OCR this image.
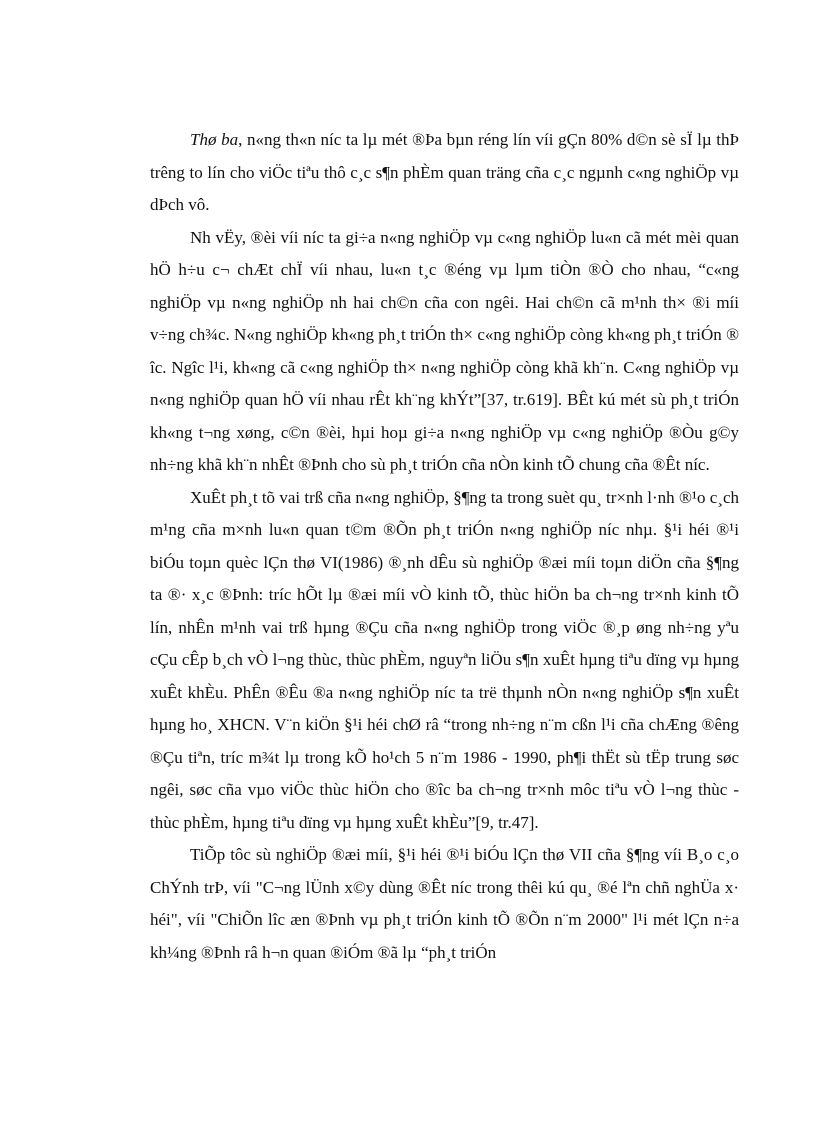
Thø ba, n«ng th«n níc ta lµ mét ®Þa bµn réng lín víi gÇn 80% d©n sè sÏ lµ thÞ trêng to lín cho viÖc tiªu thô c¸c s¶n phÈm quan träng cña c¸c ngµnh c«ng nghiÖp vµ dÞch vô.

Nh vËy, ®èi víi níc ta gi÷a n«ng nghiÖp vµ c«ng nghiÖp lu«n cã mét mèi quan hÖ h÷u c¬ chÆt chÏ víi nhau, lu«n t¸c ®éng vµ lµm tiÒn ®Ò cho nhau, “c«ng nghiÖp vµ n«ng nghiÖp nh hai ch©n cña con ngêi. Hai ch©n cã m¹nh th× ®i míi v÷ng ch¾c. N«ng nghiÖp kh«ng ph¸t triÓn th× c«ng nghiÖp còng kh«ng ph¸t triÓn ® îc. Ngîc l¹i, kh«ng cã c«ng nghiÖp th× n«ng nghiÖp còng khã kh¨n. C«ng nghiÖp vµ n«ng nghiÖp quan hÖ víi nhau rÊt kh¨ng khÝt”[37, tr.619]. BÊt kú mét sù ph¸t triÓn kh«ng t¬ng xøng, c©n ®èi, hµi hoµ gi÷a n«ng nghiÖp vµ c«ng nghiÖp ®Òu g©y nh÷ng khã kh¨n nhÊt ®Þnh cho sù ph¸t triÓn cña nÒn kinh tÕ chung cña ®Êt níc.

XuÊt ph¸t tõ vai trß cña n«ng nghiÖp, §¶ng ta trong suèt qu¸ tr×nh l·nh ®¹o c¸ch m¹ng cña m×nh lu«n quan t©m ®Õn ph¸t triÓn n«ng nghiÖp níc nhµ. §¹i héi ®¹i biÓu toµn quèc lÇn thø VI(1986) ®¸nh dÊu sù nghiÖp ®æi míi toµn diÖn cña §¶ng ta ®· x¸c ®Þnh: tríc hÕt lµ ®æi míi vÒ kinh tÕ, thùc hiÖn ba ch¬ng tr×nh kinh tÕ lín, nhÊn m¹nh vai trß hµng ®Çu cña n«ng nghiÖp trong viÖc ®¸p øng nh÷ng yªu cÇu cÊp b¸ch vÒ l¬ng thùc, thùc phÈm, nguyªn liÖu s¶n xuÊt hµng tiªu dïng vµ hµng xuÊt khÈu. PhÊn ®Êu ®a n«ng nghiÖp níc ta trë thµnh nÒn n«ng nghiÖp s¶n xuÊt hµng ho¸ XHCN. V¨n kiÖn §¹i héi chØ râ “trong nh÷ng n¨m cßn l¹i cña chÆng ®êng ®Çu tiªn, tríc m¾t lµ trong kÕ ho¹ch 5 n¨m 1986 - 1990, ph¶i thËt sù tËp trung søc ngêi, søc cña vµo viÖc thùc hiÖn cho ®îc ba ch¬ng tr×nh môc tiªu vÒ l¬ng thùc - thùc phÈm, hµng tiªu dïng vµ hµng xuÊt khÈu”[9, tr.47].

TiÕp tôc sù nghiÖp ®æi míi, §¹i héi ®¹i biÓu lÇn thø VII cña §¶ng víi B¸o c¸o ChÝnh trÞ, víi "C¬ng lÜnh x©y dùng ®Êt níc trong thêi kú qu¸ ®é lªn chñ nghÜa x· héi", víi "ChiÕn lîc æn ®Þnh vµ ph¸t triÓn kinh tÕ ®Õn n¨m 2000" l¹i mét lÇn n÷a kh¼ng ®Þnh râ h¬n quan ®iÓm ®ã lµ “ph¸t triÓn
